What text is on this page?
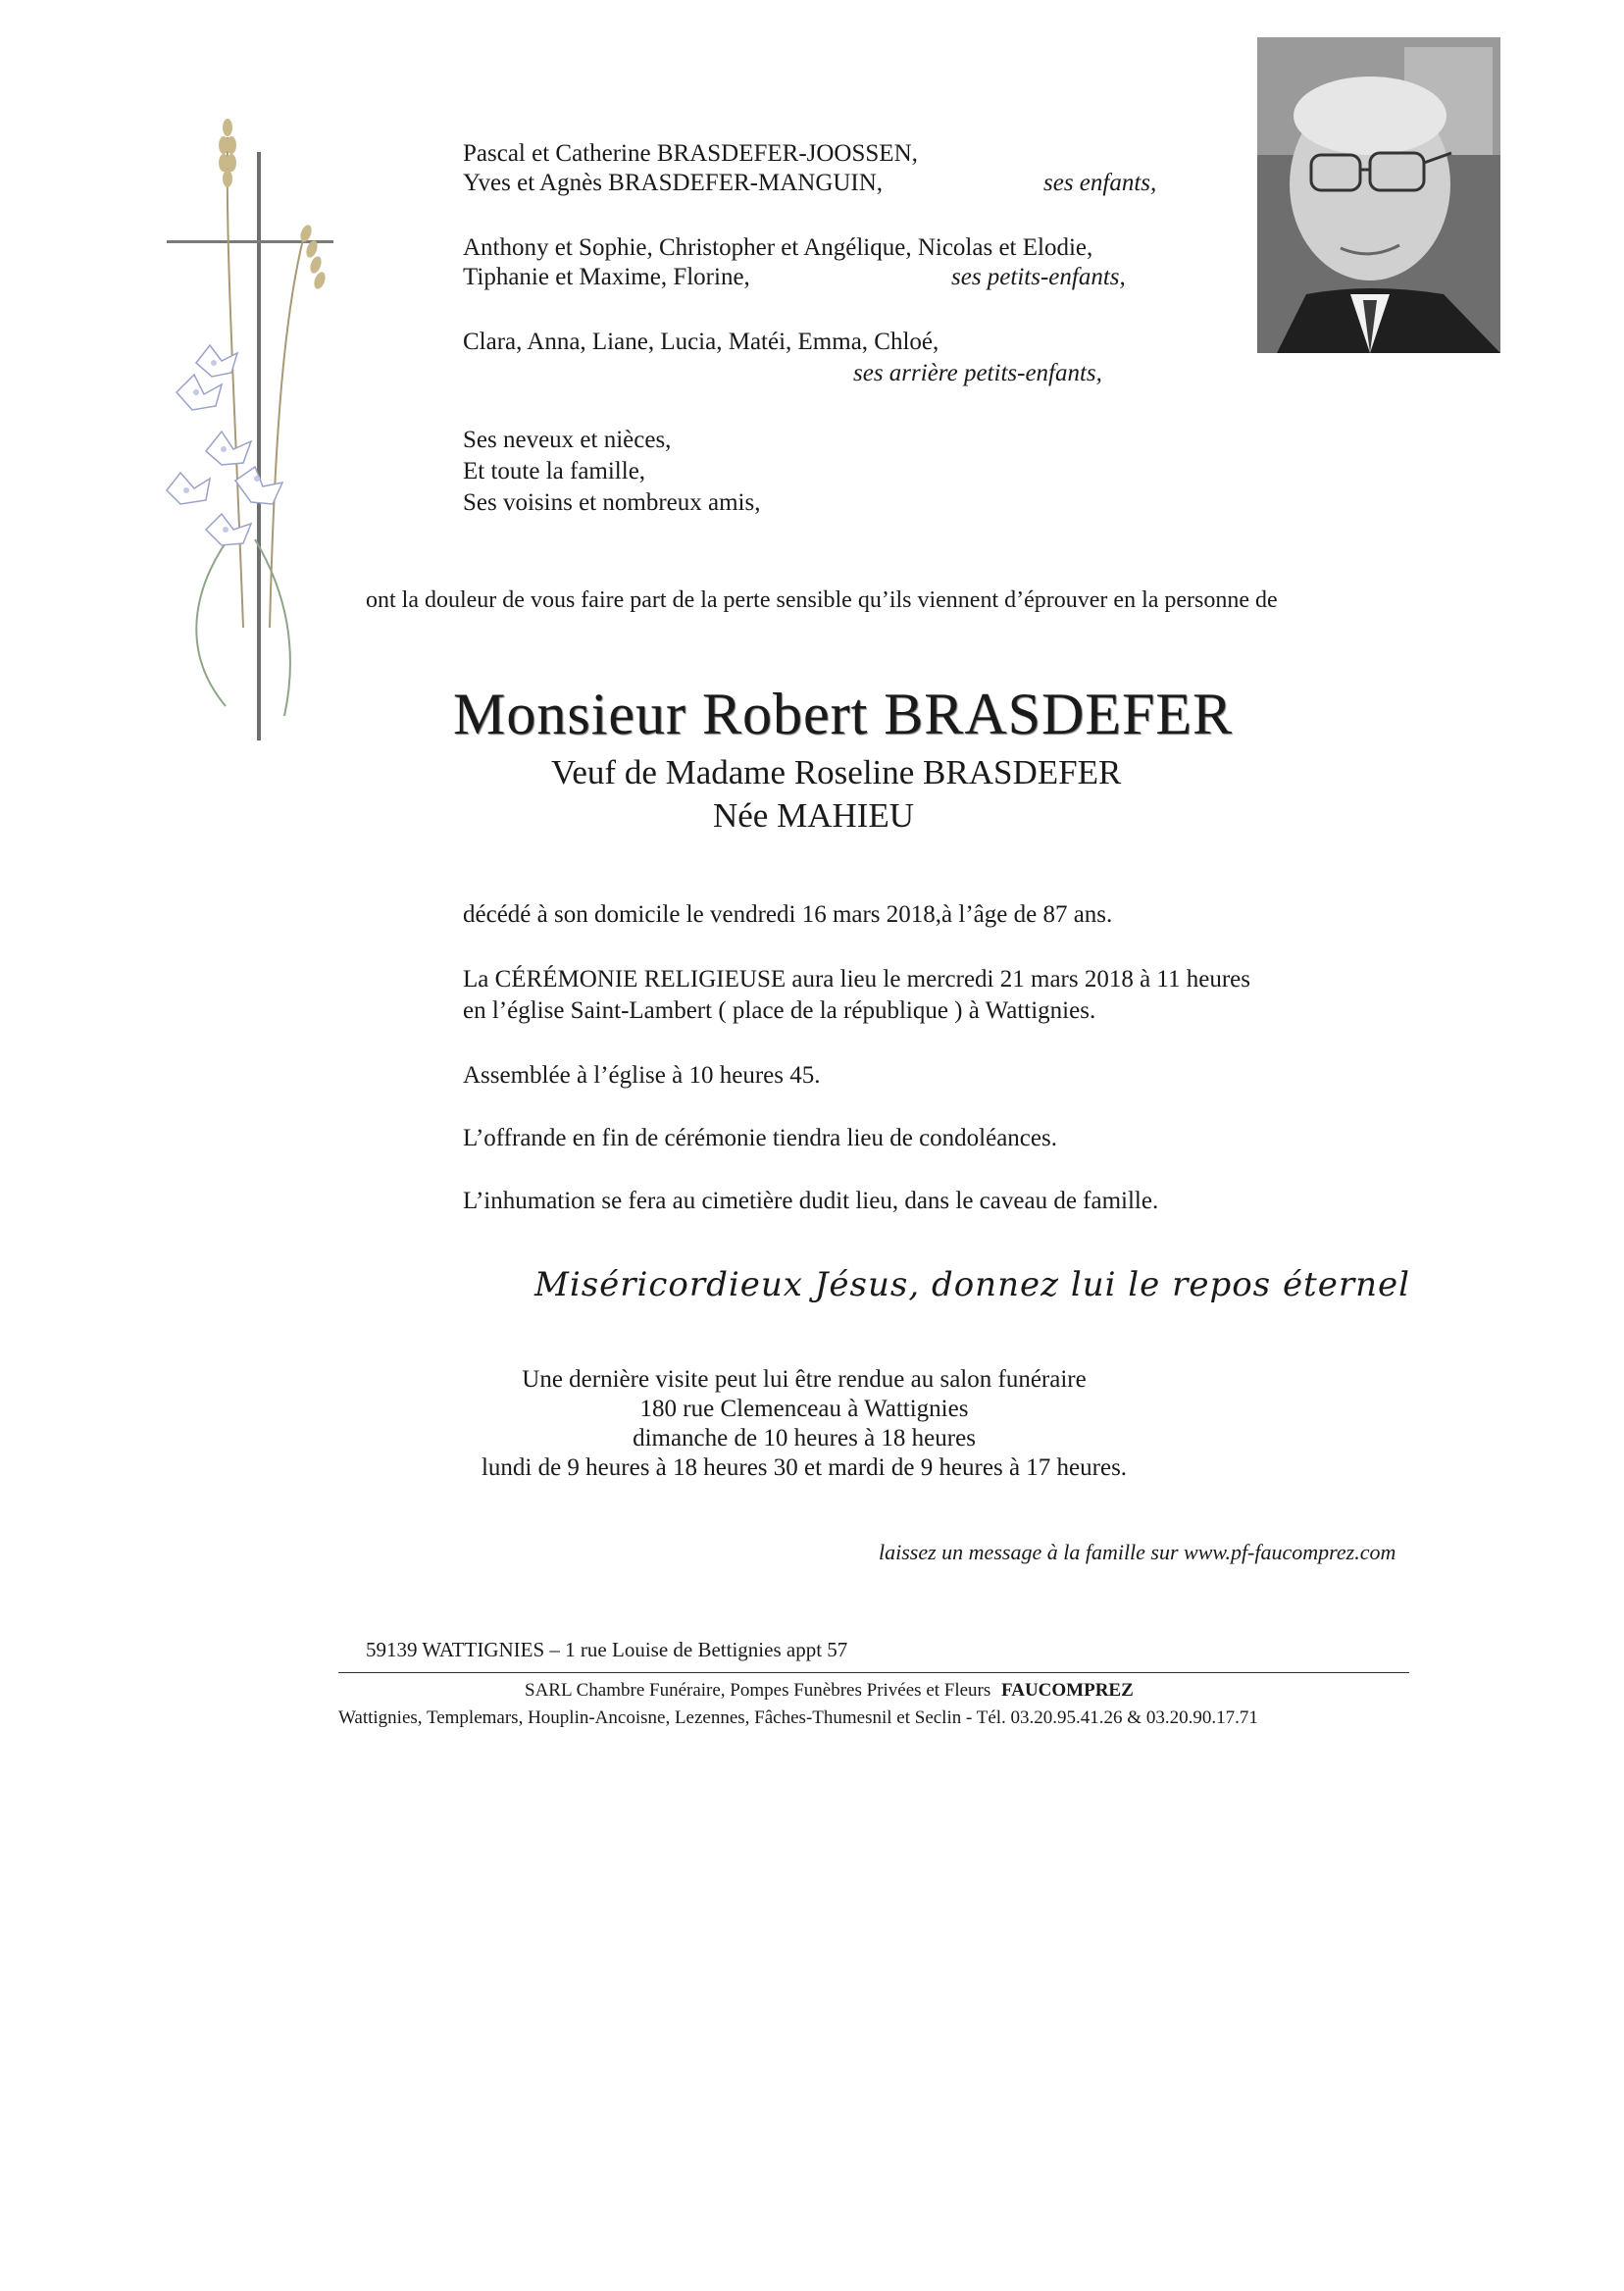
Pascal et Catherine BRASDEFER-JOOSSEN,
Yves et Agnès BRASDEFER-MANGUIN,	ses enfants,
Anthony et Sophie, Christopher et Angélique, Nicolas et Elodie,
Tiphanie et Maxime, Florine,	ses petits-enfants,
Clara, Anna, Liane, Lucia, Matéi, Emma, Chloé,
ses arrière petits-enfants,
Ses neveux et nièces,
Et toute la famille,
Ses voisins et nombreux amis,
ont la douleur de vous faire part de la perte sensible qu’ils viennent d’éprouver en la personne de
Monsieur Robert BRASDEFER
Veuf de Madame Roseline BRASDEFER
Née MAHIEU
décédé à son domicile le vendredi 16 mars 2018,à l’âge de 87 ans.
La CÉRÉMONIE RELIGIEUSE aura lieu le mercredi 21 mars 2018 à 11 heures
en l’église Saint-Lambert ( place de la république ) à Wattignies.
Assemblée à l’église à 10 heures 45.
L’offrande en fin de cérémonie tiendra lieu de condoléances.
L’inhumation se fera au cimetière dudit lieu, dans le caveau de famille.
Miséricordieux Jésus, donnez lui le repos éternel
Une dernière visite peut lui être rendue au salon funéraire
180 rue Clemenceau à Wattignies
dimanche de 10 heures à 18 heures
lundi de 9 heures à 18 heures 30 et mardi de 9 heures à 17 heures.
laissez un message à la famille sur www.pf-faucomprez.com
59139 WATTIGNIES – 1 rue Louise de Bettignies appt 57
SARL Chambre Funéraire, Pompes Funèbres Privées et Fleurs FAUCOMPREZ
Wattignies, Templemars, Houplin-Ancoisne, Lezennes, Fâches-Thumesnil et Seclin - Tél. 03.20.95.41.26 & 03.20.90.17.71
